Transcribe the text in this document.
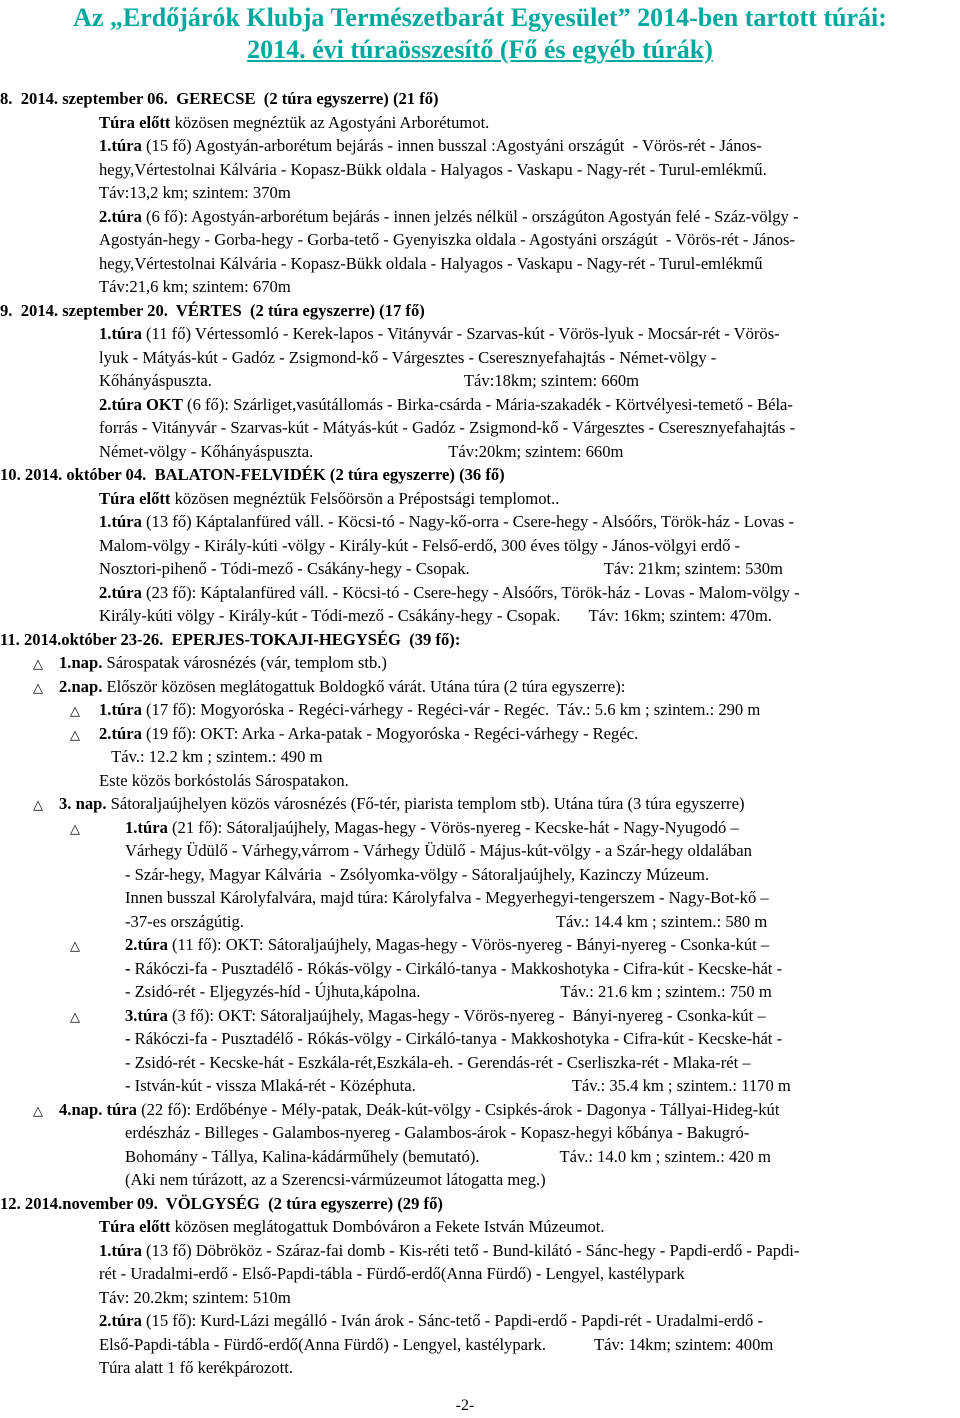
Az „Erdőjárók Klubja Természetbarát Egyesület” 2014-ben tartott túrái:
2014. évi túraösszesítő (Fő és egyéb túrák)
8.  2014. szeptember 06.  GERECSE  (2 túra egyszerre) (21 fő)
Túra előtt közösen megnéztük az Agostyáni Arborétumot.
1.túra (15 fő) Agostyán-arborétum bejárás - innen busszal :Agostyáni országút  - Vörös-rét - János-
hegy,Vértestolnai Kálvária - Kopasz-Bükk oldala - Halyagos - Vaskapu - Nagy-rét - Turul-emlékmű.
Táv:13,2 km; szintem: 370m
2.túra (6 fő): Agostyán-arborétum bejárás - innen jelzés nélkül - országúton Agostyán felé - Száz-völgy -
Agostyán-hegy - Gorba-hegy - Gorba-tető - Gyenyiszka oldala - Agostyáni országút  - Vörös-rét - János-
hegy,Vértestolnai Kálvária - Kopasz-Bükk oldala - Halyagos - Vaskapu - Nagy-rét - Turul-emlékmű
Táv:21,6 km; szintem: 670m
9.  2014. szeptember 20.  VÉRTES  (2 túra egyszerre) (17 fő)
1.túra (11 fő) Vértessomló - Kerek-lapos - Vitányvár - Szarvas-kút - Vörös-lyuk - Mocsár-rét - Vörös-
lyuk - Mátyás-kút - Gadóz - Zsigmond-kő - Várgesztes - Cseresznyefahajtás - Német-völgy -
Kőhányáspuszta.	Táv:18km; szintem: 660m
2.túra OKT (6 fő): Szárliget,vasútállomás - Birka-csárda - Mária-szakadék - Körtvélyesi-temető - Béla-
forrás - Vitányvár - Szarvas-kút - Mátyás-kút - Gadóz - Zsigmond-kő - Várgesztes - Cseresznyefahajtás -
Német-völgy - Kőhányáspuszta.	Táv:20km; szintem: 660m
10. 2014. október 04.  BALATON-FELVIDÉK (2 túra egyszerre) (36 fő)
Túra előtt közösen megnéztük Felsőörsön a Prépostsági templomot..
1.túra (13 fő) Káptalanfüred váll. - Köcsi-tó - Nagy-kő-orra - Csere-hegy - Alsóőrs, Török-ház - Lovas -
Malom-völgy - Király-kúti -völgy - Király-kút - Felső-erdő, 300 éves tölgy - János-völgyi erdő -
Nosztori-pihenő - Tódi-mező - Csákány-hegy - Csopak.	Táv: 21km; szintem: 530m
2.túra (23 fő): Káptalanfüred váll. - Köcsi-tó - Csere-hegy - Alsóőrs, Török-ház - Lovas - Malom-völgy -
Király-kúti völgy - Király-kút - Tódi-mező - Csákány-hegy - Csopak. Táv: 16km; szintem: 470m.
11. 2014.október 23-26.  EPERJES-TOKAJI-HEGYSÉG  (39 fő):
△ 1.nap. Sárospatak városnézés (vár, templom stb.)
△ 2.nap. Először közösen meglátogattuk Boldogkő várát. Utána túra (2 túra egyszerre):
△ 1.túra (17 fő): Mogyoróska - Regéci-várhegy - Regéci-vár - Regéc.  Táv.: 5.6 km ; szintem.: 290 m
△ 2.túra (19 fő): OKT: Arka - Arka-patak - Mogyoróska - Regéci-várhegy - Regéc.
Táv.: 12.2 km ; szintem.: 490 m
Este közös borkóstolás Sárospatakon.
△ 3. nap. Sátoraljaújhelyen közös városnézés (Fő-tér, piarista templom stb). Utána túra (3 túra egyszerre)
△	1.túra (21 fő): Sátoraljaújhely, Magas-hegy - Vörös-nyereg - Kecske-hát - Nagy-Nyugodó –
Várhegy Üdülő - Várhegy,várrom - Várhegy Üdülő - Május-kút-völgy - a Szár-hegy oldalában
- Szár-hegy, Magyar Kálvária  - Zsólyomka-völgy - Sátoraljaújhely, Kazinczy Múzeum.
Innen busszal Károlyfalvára, majd túra: Károlyfalva - Megyerhegyi-tengerszem - Nagy-Bot-kő –
-37-es országútig.	Táv.: 14.4 km ; szintem.: 580 m
△	2.túra (11 fő): OKT: Sátoraljaújhely, Magas-hegy - Vörös-nyereg - Bányi-nyereg - Csonka-kút –
- Rákóczi-fa - Pusztadélő - Rókás-völgy - Cirkáló-tanya - Makkoshotyka - Cifra-kút - Kecske-hát -
- Zsidó-rét - Eljegyzés-híd - Újhuta,kápolna.	Táv.: 21.6 km ; szintem.: 750 m
△	3.túra (3 fő): OKT: Sátoraljaújhely, Magas-hegy - Vörös-nyereg -  Bányi-nyereg - Csonka-kút –
- Rákóczi-fa - Pusztadélő - Rókás-völgy - Cirkáló-tanya - Makkoshotyka - Cifra-kút - Kecske-hát -
- Zsidó-rét - Kecske-hát - Eszkála-rét,Eszkála-eh. - Gerendás-rét - Cserliszka-rét - Mlaka-rét –
- István-kút - vissza Mlaká-rét - Középhuta.	Táv.: 35.4 km ; szintem.: 1170 m
△ 4.nap. túra (22 fő): Erdőbénye - Mély-patak, Deák-kút-völgy - Csipkés-árok - Dagonya - Tállyai-Hideg-kút
erdészház - Billeges - Galambos-nyereg - Galambos-árok - Kopasz-hegyi kőbánya - Bakugró-
Bohomány - Tállya, Kalina-kádárműhely (bemutató).	Táv.: 14.0 km ; szintem.: 420 m
(Aki nem túrázott, az a Szerencsi-vármúzeumot látogatta meg.)
12. 2014.november 09.  VÖLGYSÉG  (2 túra egyszerre) (29 fő)
Túra előtt közösen meglátogattuk Dombóváron a Fekete István Múzeumot.
1.túra (13 fő) Döbrököz - Száraz-fai domb - Kis-réti tető - Bund-kilátó - Sánc-hegy - Papdi-erdő - Papdi-
rét - Uradalmi-erdő - Első-Papdi-tábla - Fürdő-erdő(Anna Fürdő) - Lengyel, kastélypark
Táv: 20.2km; szintem: 510m
2.túra (15 fő): Kurd-Lázi megálló - Iván árok - Sánc-tető - Papdi-erdő - Papdi-rét - Uradalmi-erdő -
Első-Papdi-tábla - Fürdő-erdő(Anna Fürdő) - Lengyel, kastélypark.	Táv: 14km; szintem: 400m
Túra alatt 1 fő kerékpározott.
-2-
